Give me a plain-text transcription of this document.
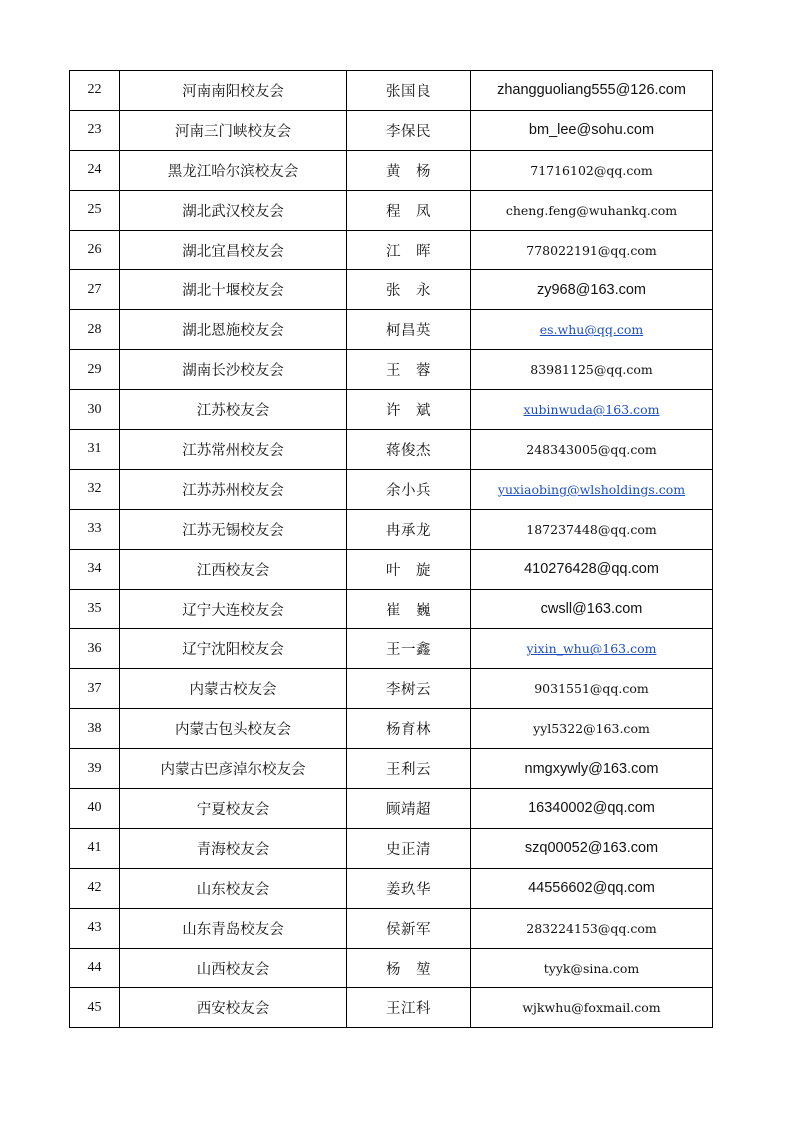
22	河南南阳校友会	张国良	zhangguoliang555@126.com
23	河南三门峡校友会	李保民	bm_lee@sohu.com
24	黑龙江哈尔滨校友会	黄　杨	71716102@qq.com
25	湖北武汉校友会	程　凤	cheng.feng@wuhankq.com
26	湖北宜昌校友会	江　晖	778022191@qq.com
27	湖北十堰校友会	张　永	zy968@163.com
28	湖北恩施校友会	柯昌英	es.whu@qq.com
29	湖南长沙校友会	王　蓉	83981125@qq.com
30	江苏校友会	许　斌	xubinwuda@163.com
31	江苏常州校友会	蒋俊杰	248343005@qq.com
32	江苏苏州校友会	余小兵	yuxiaobing@wlsholdings.com
33	江苏无锡校友会	冉承龙	187237448@qq.com
34	江西校友会	叶　旋	410276428@qq.com
35	辽宁大连校友会	崔　巍	cwsll@163.com
36	辽宁沈阳校友会	王一鑫	yixin_whu@163.com
37	内蒙古校友会	李树云	9031551@qq.com
38	内蒙古包头校友会	杨育林	yyl5322@163.com
39	内蒙古巴彦淖尔校友会	王利云	nmgxywly@163.com
40	宁夏校友会	顾靖超	16340002@qq.com
41	青海校友会	史正清	szq00052@163.com
42	山东校友会	姜玖华	44556602@qq.com
43	山东青岛校友会	侯新军	283224153@qq.com
44	山西校友会	杨　堃	tyyk@sina.com
45	西安校友会	王江科	wjkwhu@foxmail.com
